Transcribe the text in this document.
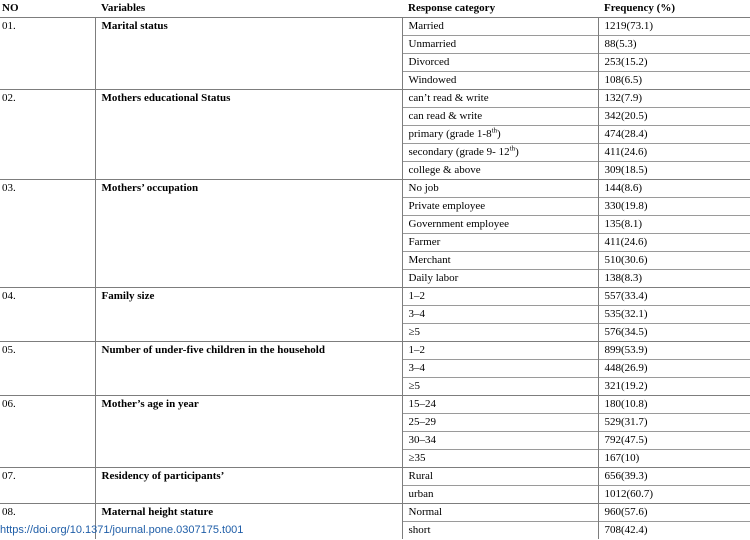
NO	Variables	Response category	Frequency (%)
01.	Marital status	Married	1219(73.1)
		Unmarried	88(5.3)
		Divorced	253(15.2)
		Windowed	108(6.5)
02.	Mothers educational Status	can’t read & write	132(7.9)
		can read & write	342(20.5)
		primary (grade 1-8th)	474(28.4)
		secondary (grade 9- 12th)	411(24.6)
		college & above	309(18.5)
03.	Mothers’ occupation	No job	144(8.6)
		Private employee	330(19.8)
		Government employee	135(8.1)
		Farmer	411(24.6)
		Merchant	510(30.6)
		Daily labor	138(8.3)
04.	Family size	1–2	557(33.4)
		3–4	535(32.1)
		≥5	576(34.5)
05.	Number of under-five children in the household	1–2	899(53.9)
		3–4	448(26.9)
		≥5	321(19.2)
06.	Mother’s age in year	15–24	180(10.8)
		25–29	529(31.7)
		30–34	792(47.5)
		≥35	167(10)
07.	Residency of participants’	Rural	656(39.3)
		urban	1012(60.7)
08.	Maternal height stature	Normal	960(57.6)
		short	708(42.4)
https://doi.org/10.1371/journal.pone.0307175.t001
